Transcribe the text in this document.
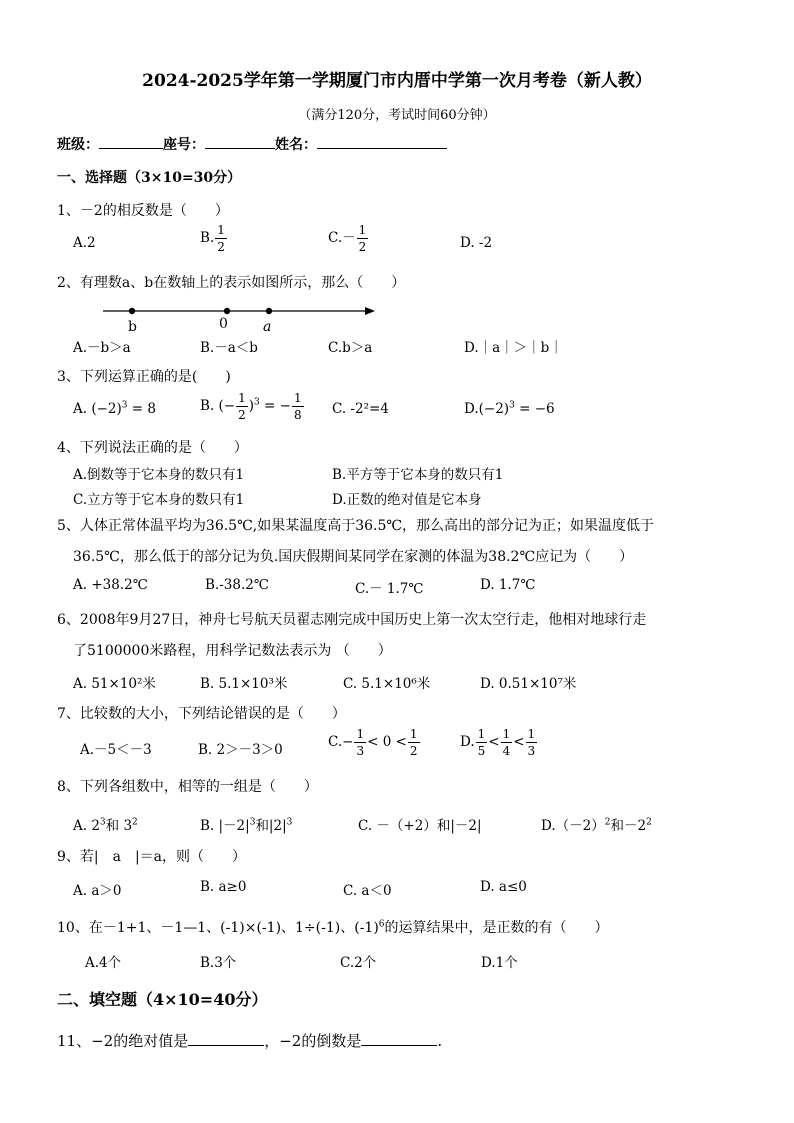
2024-2025学年第一学期厦门市内厝中学第一次月考卷（新人教）
（满分120分，考试时间60分钟）
班级：	座号：	姓名：
一、选择题（3×10=30分）
1、－2的相反数是（　　）
A.2	B. $\frac{1}{2}$	$C.- \frac{1}{2}$	D. -2
2、有理数a、b在数轴上的表示如图所示，那么（　　）
b	0	a
A.－b＞a	B.－a＜b	C.b＞a	D.｜a｜＞｜b｜
3、下列运算正确的是(　　)
A. $(-2)^3 = 8$	B. (− $\frac{1}{2} )^3$ = − $\frac{1}{8} C$. -2²=4	$D.(-2)^3 = -6$
4、下列说法正确的是（　　）
A.倒数等于它本身的数只有1	B.平方等于它本身的数只有1
C.立方等于它本身的数只有1	D.正数的绝对值是它本身
5、人体正常体温平均为36.5℃,如果某温度高于36.5℃，那么高出的部分记为正；如果温度低于
36.5℃，那么低于的部分记为负.国庆假期间某同学在家测的体温为38.2℃应记为（　　）
A. +38.2℃	B.-38.2℃	C.－ 1.7℃	D. 1.7℃
6、2008年9月27日，神舟七号航天员翟志刚完成中国历史上第一次太空行走，他相对地球行走
了5100000米路程，用科学记数法表示为 （　　）
A. 51×10²米	B. 5.1×10³米	C. 5.1×10⁶米	D. 0.51×10⁷米
7、比较数的大小，下列结论错误的是（　　）
A.－5＜－3	B. 2＞－3＞0	$C.- \frac{1}{3} < 0 < \frac{1}{2}$	D. $\frac{1}{5} < \frac{1}{4} < \frac{1}{3}$
8、下列各组数中，相等的一组是（　　）
A. $2^3$和 $3^2$	B. $|-2|^3$和$|2|^3$	C. －（+2）和|－2|	$D.(-2)^2$和$-2^2$
9、若|　a　|＝a，则（　　）
A. a＞0	B. a≥0	C. a＜0	D. a≤0
10、在－1+1、－1—1、(-1)×(-1)、1÷(-1)、$(-1)^6$的运算结果中，是正数的有（　　）
A.4个	B.3个	C.2个	D.1个
二、填空题（4×10=40分）
11、−2的绝对值是	，−2的倒数是	.
